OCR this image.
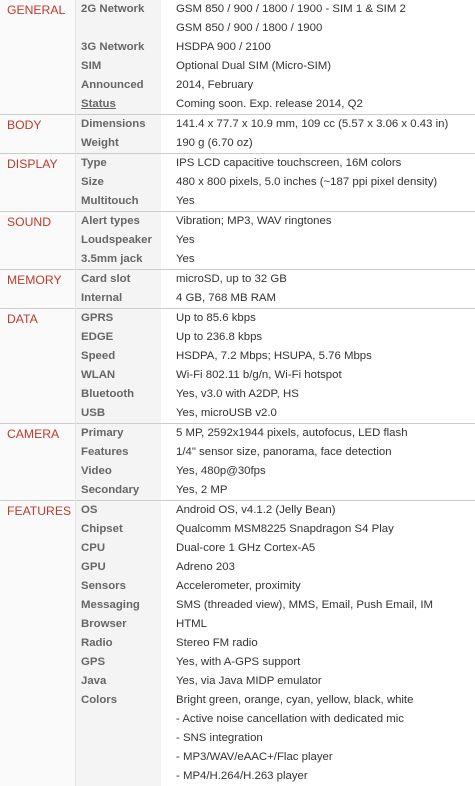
GENERAL	2G Network	GSM 850 / 900 / 1800 / 1900 - SIM 1 & SIM 2
		GSM 850 / 900 / 1800 / 1900
	3G Network	HSDPA 900 / 2100
	SIM	Optional Dual SIM (Micro-SIM)
	Announced	2014, February
	Status	Coming soon. Exp. release 2014, Q2
BODY	Dimensions	141.4 x 77.7 x 10.9 mm, 109 cc (5.57 x 3.06 x 0.43 in)
	Weight	190 g (6.70 oz)
DISPLAY	Type	IPS LCD capacitive touchscreen, 16M colors
	Size	480 x 800 pixels, 5.0 inches (~187 ppi pixel density)
	Multitouch	Yes
SOUND	Alert types	Vibration; MP3, WAV ringtones
	Loudspeaker	Yes
	3.5mm jack	Yes
MEMORY	Card slot	microSD, up to 32 GB
	Internal	4 GB, 768 MB RAM
DATA	GPRS	Up to 85.6 kbps
	EDGE	Up to 236.8 kbps
	Speed	HSDPA, 7.2 Mbps; HSUPA, 5.76 Mbps
	WLAN	Wi-Fi 802.11 b/g/n, Wi-Fi hotspot
	Bluetooth	Yes, v3.0 with A2DP, HS
	USB	Yes, microUSB v2.0
CAMERA	Primary	5 MP, 2592x1944 pixels, autofocus, LED flash
	Features	1/4" sensor size, panorama, face detection
	Video	Yes, 480p@30fps
	Secondary	Yes, 2 MP
FEATURES	OS	Android OS, v4.1.2 (Jelly Bean)
	Chipset	Qualcomm MSM8225 Snapdragon S4 Play
	CPU	Dual-core 1 GHz Cortex-A5
	GPU	Adreno 203
	Sensors	Accelerometer, proximity
	Messaging	SMS (threaded view), MMS, Email, Push Email, IM
	Browser	HTML
	Radio	Stereo FM radio
	GPS	Yes, with A-GPS support
	Java	Yes, via Java MIDP emulator
	Colors	Bright green, orange, cyan, yellow, black, white
		- Active noise cancellation with dedicated mic
		- SNS integration
		- MP3/WAV/eAAC+/Flac player
		- MP4/H.264/H.263 player
